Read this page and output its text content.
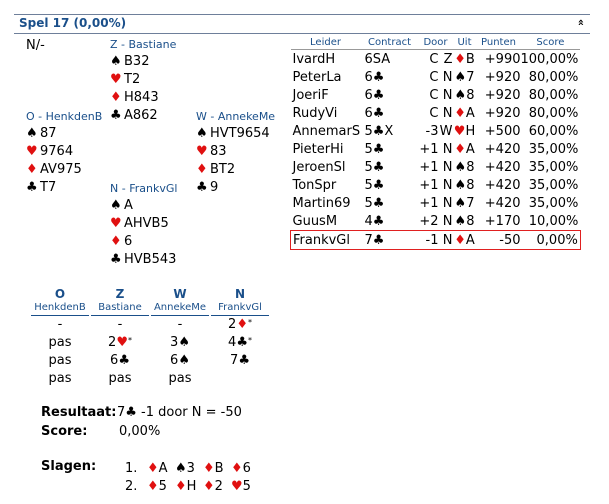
Spel 17 (0,00%)	»
N/-	Z - Bastiane
♠ B32
♥ T2
♦ H843
♣ A862
O - HenkdenB
♠ 87
♥ 9764
♦ AV975
♣ T7
W - AnnekeMe
♠ HVT9654
♥ 83
♦ BT2
♣ 9
N - FrankvGl
♠ A
♥ AHVB5
♦ 6
♣ HVB543
Leider	Contract	Door	Uit	Punten	Score
IvardH	6SA	C Z	♦B	+990	100,00%
PeterLa	6♣	C N	♠7	+920	80,00%
JoeriF	6♣	C N	♠8	+920	80,00%
RudyVi	6♣	C N	♦A	+920	80,00%
AnnemarS	5♣X	-3W	♥H	+500	60,00%
PieterHi	5♣	+1 N	♦A	+420	35,00%
JeroenSl	5♣	+1 N	♠8	+420	35,00%
TonSpr	5♣	+1 N	♠8	+420	35,00%
Martin69	5♣	+1 N	♠7	+420	35,00%
GuusM	4♣	+2 N	♠8	+170	10,00%
FrankvGl	7♣	-1 N	♦A	-50	0,00%
O
HenkdenB
Z
Bastiane
W
AnnekeMe
N
FrankvGl
-	-	-	2♦*
pas	2♥*	3♠	4♣*
pas	6♣	6♠	7♣
pas	pas	pas
Resultaat:7♣ -1 door N = -50
Score: 0,00%
Slagen: 1. ♦A ♠3 ♦B ♦6
2. ♦5 ♦H ♦2 ♥5
